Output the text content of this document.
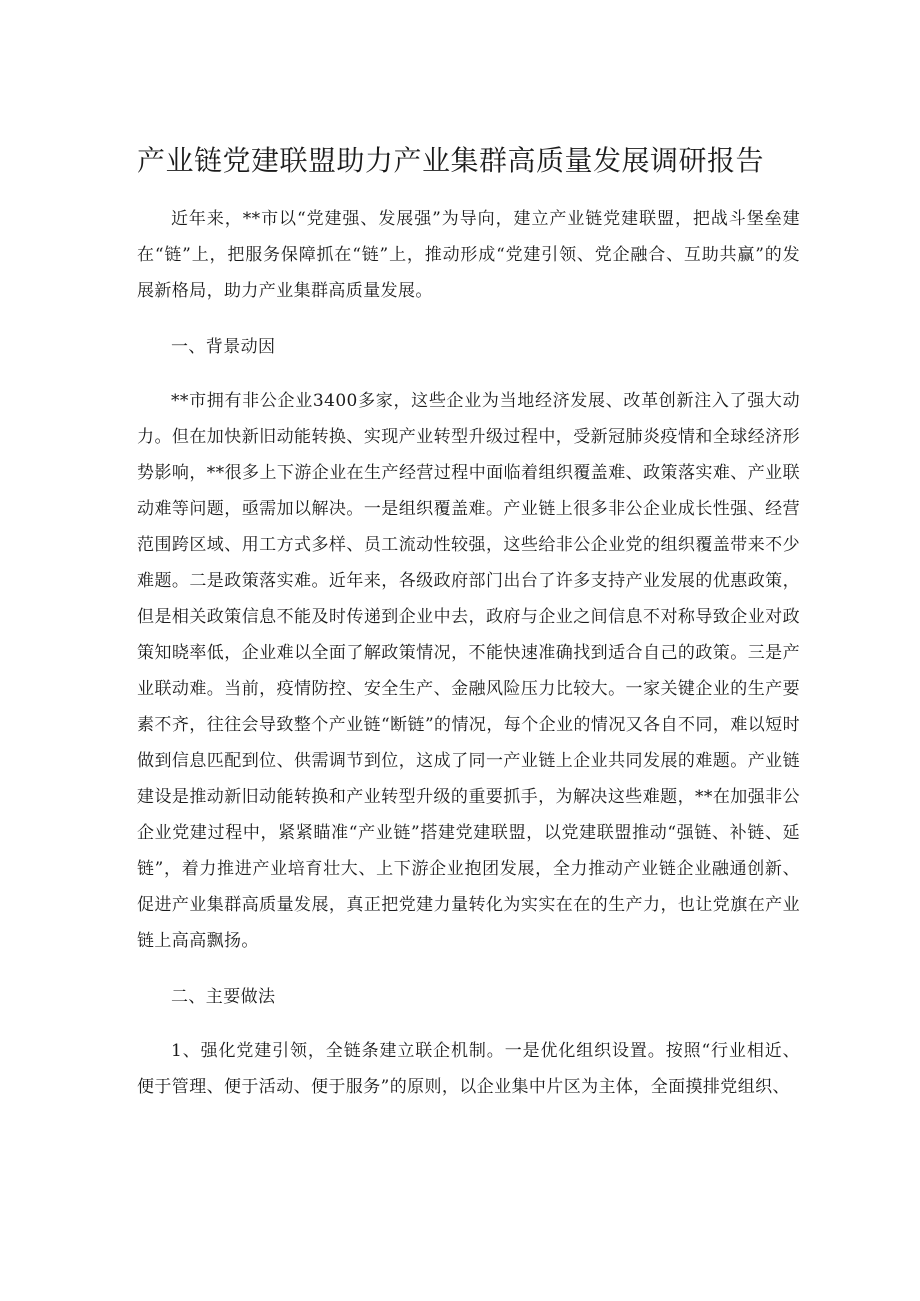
产业链党建联盟助力产业集群高质量发展调研报告

近年来，**市以“党建强、发展强”为导向，建立产业链党建联盟，把战斗堡垒建在“链”上，把服务保障抓在“链”上，推动形成“党建引领、党企融合、互助共赢”的发展新格局，助力产业集群高质量发展。

一、背景动因

**市拥有非公企业3400多家，这些企业为当地经济发展、改革创新注入了强大动力。但在加快新旧动能转换、实现产业转型升级过程中，受新冠肺炎疫情和全球经济形势影响，**很多上下游企业在生产经营过程中面临着组织覆盖难、政策落实难、产业联动难等问题，亟需加以解决。一是组织覆盖难。产业链上很多非公企业成长性强、经营范围跨区域、用工方式多样、员工流动性较强，这些给非公企业党的组织覆盖带来不少难题。二是政策落实难。近年来，各级政府部门出台了许多支持产业发展的优惠政策，但是相关政策信息不能及时传递到企业中去，政府与企业之间信息不对称导致企业对政策知晓率低，企业难以全面了解政策情况，不能快速准确找到适合自己的政策。三是产业联动难。当前，疫情防控、安全生产、金融风险压力比较大。一家关键企业的生产要素不齐，往往会导致整个产业链“断链”的情况，每个企业的情况又各自不同，难以短时做到信息匹配到位、供需调节到位，这成了同一产业链上企业共同发展的难题。产业链建设是推动新旧动能转换和产业转型升级的重要抓手，为解决这些难题，**在加强非公企业党建过程中，紧紧瞄准“产业链”搭建党建联盟，以党建联盟推动“强链、补链、延链”，着力推进产业培育壮大、上下游企业抱团发展，全力推动产业链企业融通创新、促进产业集群高质量发展，真正把党建力量转化为实实在在的生产力，也让党旗在产业链上高高飘扬。

二、主要做法

1、强化党建引领，全链条建立联企机制。一是优化组织设置。按照“行业相近、便于管理、便于活动、便于服务”的原则，以企业集中片区为主体，全面摸排党组织、
